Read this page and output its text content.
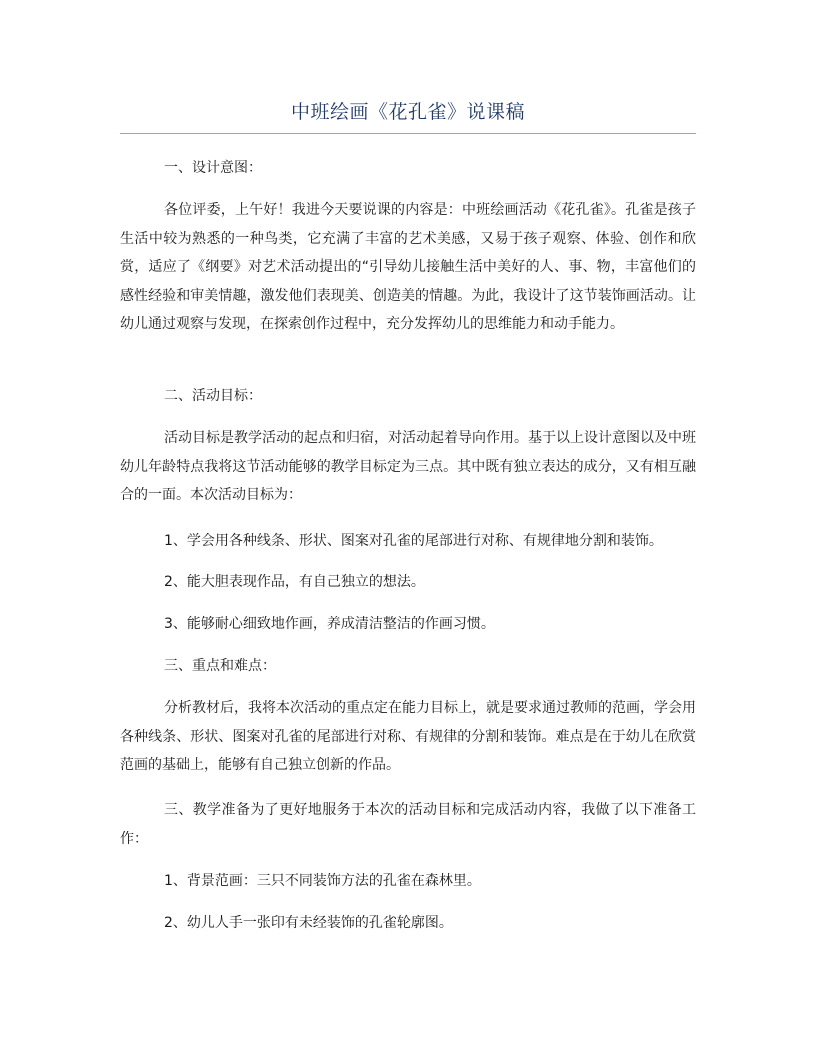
中班绘画《花孔雀》说课稿

一、设计意图：

各位评委，上午好！我进今天要说课的内容是：中班绘画活动《花孔雀》。孔雀是孩子生活中较为熟悉的一种鸟类，它充满了丰富的艺术美感，又易于孩子观察、体验、创作和欣赏，适应了《纲要》对艺术活动提出的“引导幼儿接触生活中美好的人、事、物，丰富他们的感性经验和审美情趣，激发他们表现美、创造美的情趣。为此，我设计了这节装饰画活动。让幼儿通过观察与发现，在探索创作过程中，充分发挥幼儿的思维能力和动手能力。

二、活动目标：

活动目标是教学活动的起点和归宿，对活动起着导向作用。基于以上设计意图以及中班幼儿年龄特点我将这节活动能够的教学目标定为三点。其中既有独立表达的成分，又有相互融合的一面。本次活动目标为：

1、学会用各种线条、形状、图案对孔雀的尾部进行对称、有规律地分割和装饰。

2、能大胆表现作品，有自己独立的想法。

3、能够耐心细致地作画，养成清洁整洁的作画习惯。

三、重点和难点：

分析教材后，我将本次活动的重点定在能力目标上，就是要求通过教师的范画，学会用各种线条、形状、图案对孔雀的尾部进行对称、有规律的分割和装饰。难点是在于幼儿在欣赏范画的基础上，能够有自己独立创新的作品。

三、教学准备为了更好地服务于本次的活动目标和完成活动内容，我做了以下准备工作：

1、背景范画：三只不同装饰方法的孔雀在森林里。

2、幼儿人手一张印有未经装饰的孔雀轮廓图。
